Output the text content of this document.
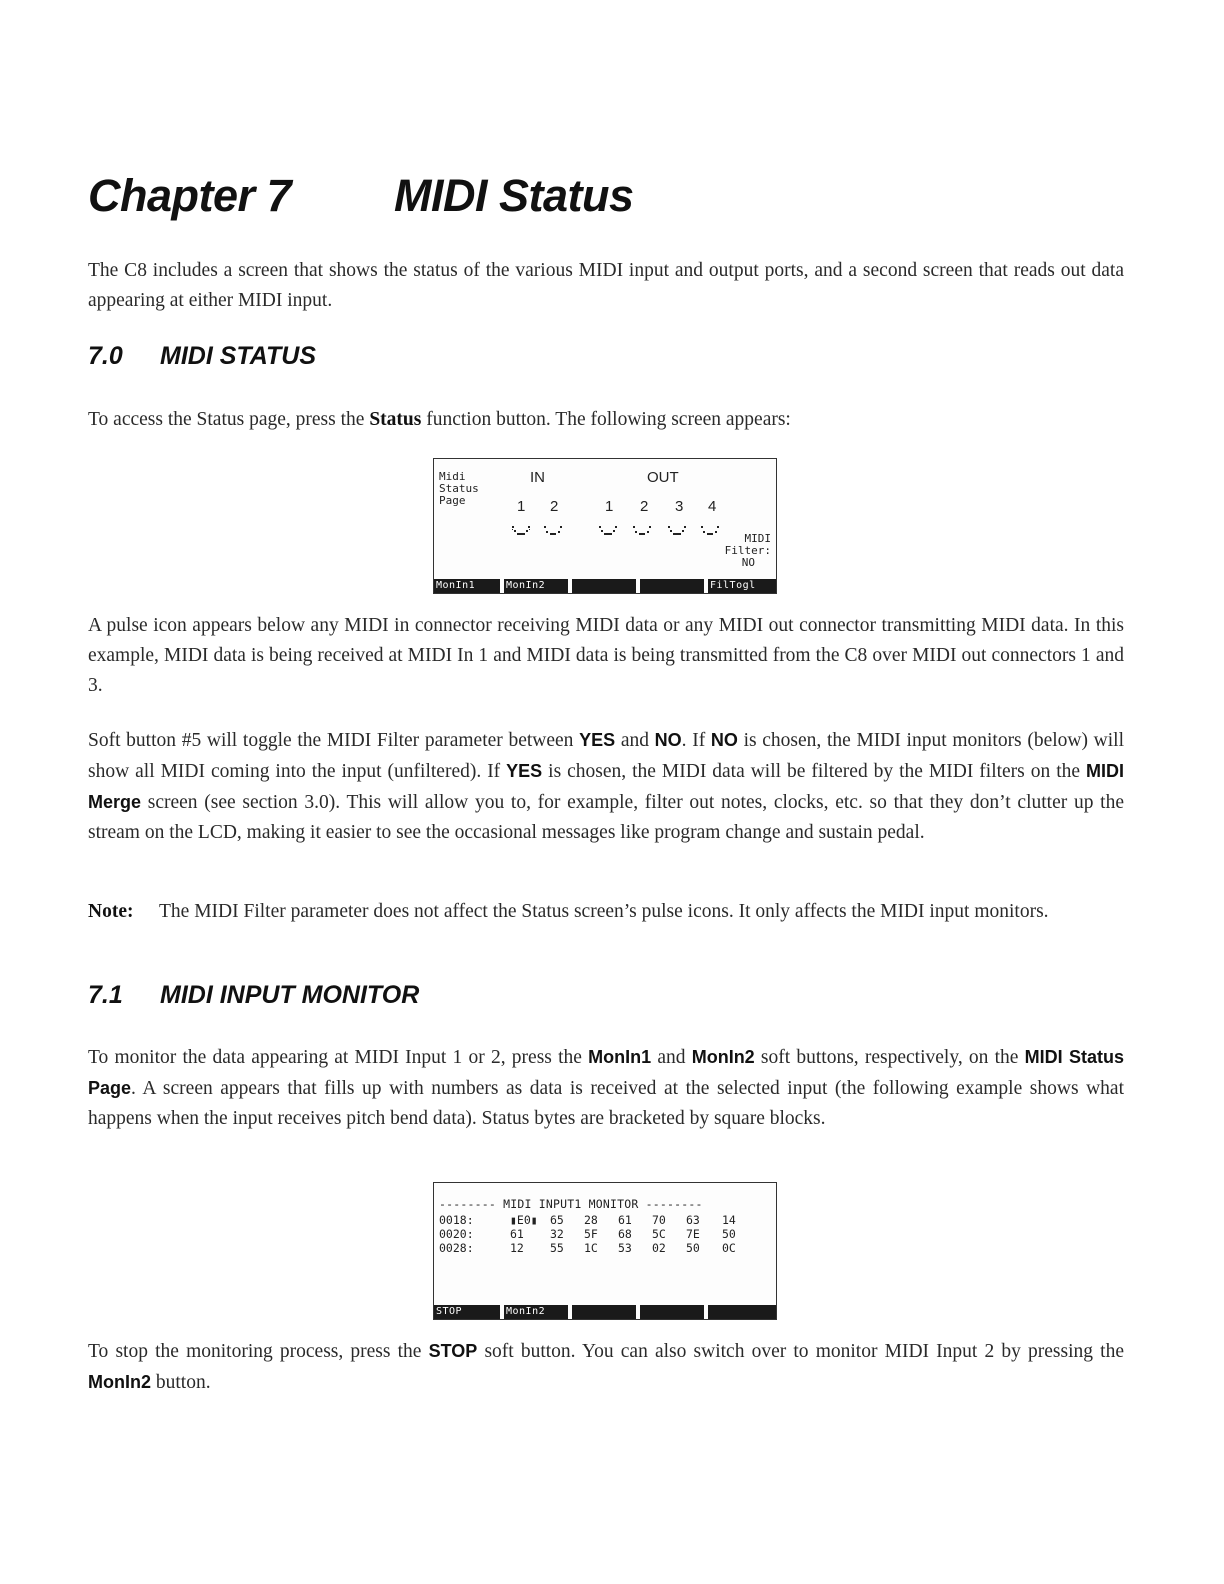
Chapter 7 MIDI Status

The C8 includes a screen that shows the status of the various MIDI input and output ports, and a second screen that reads out data appearing at either MIDI input.

7.0 MIDI STATUS

To access the Status page, press the Status function button. The following screen appears:

Midi
Status
Page
IN	OUT
1 2	1 2 3 4
MIDI
Filter:
NO
MonIn1	MonIn2	FilTogl

A pulse icon appears below any MIDI in connector receiving MIDI data or any MIDI out connector transmitting MIDI data. In this example, MIDI data is being received at MIDI In 1 and MIDI data is being transmitted from the C8 over MIDI out connectors 1 and 3.

Soft button #5 will toggle the MIDI Filter parameter between YES and NO. If NO is chosen, the MIDI input monitors (below) will show all MIDI coming into the input (unfiltered). If YES is chosen, the MIDI data will be filtered by the MIDI filters on the MIDI Merge screen (see section 3.0). This will allow you to, for example, filter out notes, clocks, etc. so that they don’t clutter up the stream on the LCD, making it easier to see the occasional messages like program change and sustain pedal.

Note: The MIDI Filter parameter does not affect the Status screen’s pulse icons. It only affects the MIDI input monitors.
7.1 MIDI INPUT MONITOR

To monitor the data appearing at MIDI Input 1 or 2, press the MonIn1 and MonIn2 soft buttons, respectively, on the MIDI Status Page. A screen appears that fills up with numbers as data is received at the selected input (the following example shows what happens when the input receives pitch bend data). Status bytes are bracketed by square blocks.

-------- MIDI INPUT1 MONITOR --------
0018:	▮E0▮ 65 28 61 70 63 14
0020:	61 32 5F 68 5C 7E 50
0028:	12 55 1C 53 02 50 0C
STOP	MonIn2

To stop the monitoring process, press the STOP soft button. You can also switch over to monitor MIDI Input 2 by pressing the MonIn2 button.
